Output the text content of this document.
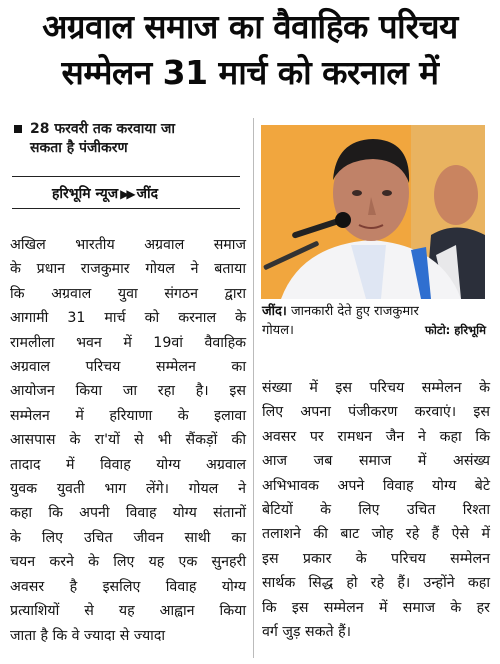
अग्रवाल समाज का वैवाहिक परिचय
सम्मेलन 31 मार्च को करनाल में
28 फरवरी तक करवाया जा
सकता है पंजीकरण
हरिभूमि न्यूज ▶▶ जींद
अखिल भारतीय अग्रवाल समाज
के प्रधान राजकुमार गोयल ने बताया
कि अग्रवाल युवा संगठन द्वारा
आगामी 31 मार्च को करनाल के
रामलीला भवन में 19वां वैवाहिक
अग्रवाल परिचय सम्मेलन का
आयोजन किया जा रहा है। इस
सम्मेलन में हरियाणा के इलावा
आसपास के रा'यों से भी सैंकड़ों की
तादाद में विवाह योग्य अग्रवाल
युवक युवती भाग लेंगे। गोयल ने
कहा कि अपनी विवाह योग्य संतानों
के लिए उचित जीवन साथी का
चयन करने के लिए यह एक सुनहरी
अवसर है इसलिए विवाह योग्य
प्रत्याशियों से यह आह्वान किया
जाता है कि वे ज्यादा से ज्यादा
जींद। जानकारी देते हुए राजकुमार
गोयल।	फोटो: हरिभूमि
संख्या में इस परिचय सम्मेलन के
लिए अपना पंजीकरण करवाएं। इस
अवसर पर रामधन जैन ने कहा कि
आज जब समाज में असंख्य
अभिभावक अपने विवाह योग्य बेटे
बेटियों के लिए उचित रिश्ता
तलाशने की बाट जोह रहे हैं ऐसे में
इस प्रकार के परिचय सम्मेलन
सार्थक सिद्ध हो रहे हैं। उन्होंने कहा
कि इस सम्मेलन में समाज के हर
वर्ग जुड़ सकते हैं।
